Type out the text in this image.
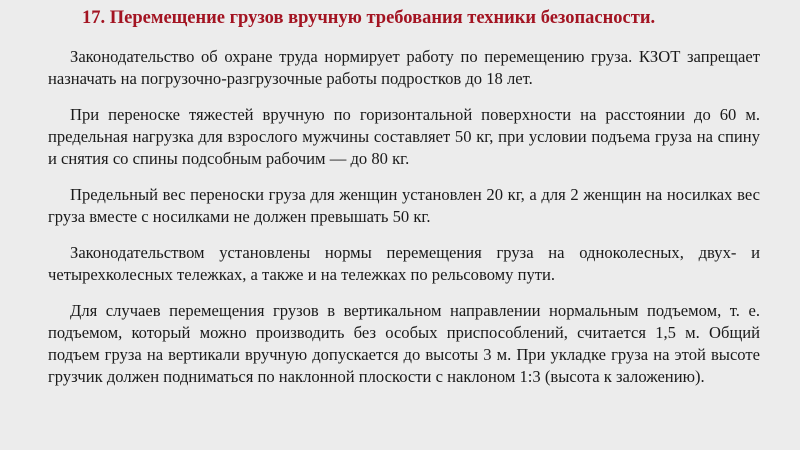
17. Перемещение грузов вручную требования техники безопасности.

Законодательство об охране труда нормирует работу по перемещению груза. КЗОТ запрещает назначать на погрузочно-разгрузочные работы подростков до 18 лет.

При переноске тяжестей вручную по горизонтальной поверхности на расстоянии до 60 м. предельная нагрузка для взрослого мужчины составляет 50 кг, при условии подъема груза на спину и снятия со спины подсобным рабочим — до 80 кг.

Предельный вес переноски груза для женщин установлен 20 кг, а для 2 женщин на носилках вес груза вместе с носилками не должен превышать 50 кг.

Законодательством установлены нормы перемещения груза на одноколесных, двух- и четырехколесных тележках, а также и на тележках по рельсовому пути.

Для случаев перемещения грузов в вертикальном направлении нормальным подъемом, т. е. подъемом, который можно производить без особых приспособлений, считается 1,5 м. Общий подъем груза на вертикали вручную допускается до высоты 3 м. При укладке груза на этой высоте грузчик должен подниматься по наклонной плоскости с наклоном 1:3 (высота к заложению).
